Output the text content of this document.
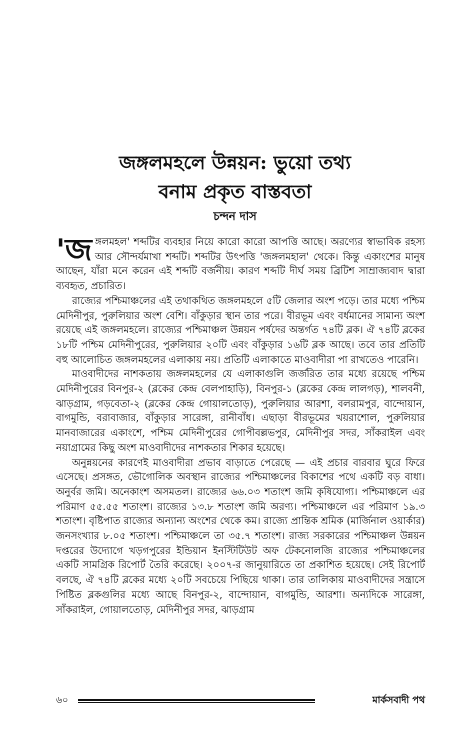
জঙ্গলমহলে উন্নয়ন: ভুয়ো তথ্য
বনাম প্রকৃত বাস্তবতা
চন্দন দাস

'জঙ্গলমহল' শব্দটির ব্যবহার নিয়ে কারো কারো আপত্তি আছে। অরণ্যের স্বাভাবিক রহস্য আর সৌন্দর্যমাখা শব্দটি। শব্দটির উৎপত্তি 'জঙ্গলমহাল' থেকে। কিন্তু একাংশের মানুষ আছেন, যাঁরা মনে করেন এই শব্দটি বর্জনীয়। কারণ শব্দটি দীর্ঘ সময় ব্রিটিশ সাম্রাজ্যবাদ দ্বারা ব্যবহৃত, প্রচারিত।

রাজ্যের পশ্চিমাঞ্চলের এই তথাকথিত জঙ্গলমহলে ৫টি জেলার অংশ পড়ে। তার মধ্যে পশ্চিম মেদিনীপুর, পুরুলিয়ার অংশ বেশি। বাঁকুড়ার স্থান তার পরে। বীরভূম এবং বর্ধমানের সামান্য অংশ রয়েছে এই জঙ্গলমহলে। রাজ্যের পশ্চিমাঞ্চল উন্নয়ন পর্ষদের অন্তর্গত ৭৪টি ব্লক। ঐ ৭৪টি ব্লকের ১৮টি পশ্চিম মেদিনীপুরের, পুরুলিয়ার ২০টি এবং বাঁকুড়ার ১৬টি ব্লক আছে। তবে তার প্রতিটি বহু আলোচিত জঙ্গলমহলের এলাকায় নয়। প্রতিটি এলাকাতে মাওবাদীরা পা রাখতেও পারেনি।

মাওবাদীদের নাশকতায় জঙ্গলমহলের যে এলাকাগুলি জর্জরিত তার মধ্যে রয়েছে পশ্চিম মেদিনীপুরের বিনপুর-২ (ব্লকের কেন্দ্র বেলপাহাড়ি), বিনপুর-১ (ব্লকের কেন্দ্র লালগড়), শালবনী, ঝাড়গ্রাম, গড়বেতা-২ (ব্লকের কেন্দ্র গোয়ালতোড়), পুরুলিয়ার আরশা, বলরামপুর, বান্দোয়ান, বাগমুন্ডি, বরাবাজার, বাঁকুড়ার সারেঙ্গা, রানীবাঁধ। এছাড়া বীরভূমের খয়রাশোল, পুরুলিয়ার মানবাজারের একাংশে, পশ্চিম মেদিনীপুরের গোপীবল্লভপুর, মেদিনীপুর সদর, সাঁকরাইল এবং নয়াগ্রামের কিছু অংশ মাওবাদীদের নাশকতার শিকার হয়েছে।

অনুন্নয়নের কারণেই মাওবাদীরা প্রভাব বাড়াতে পেরেছে — এই প্রচার বারবার ঘুরে ফিরে এসেছে। প্রসঙ্গত, ভৌগোলিক অবস্থান রাজ্যের পশ্চিমাঞ্চলের বিকাশের পথে একটি বড় বাধা। অনুর্বর জমি। অনেকাংশ অসমতল। রাজ্যের ৬৬.০৩ শতাংশ জমি কৃষিযোগ্য। পশ্চিমাঞ্চলে এর পরিমাণ ৫৫.৫৫ শতাংশ। রাজ্যের ১৩.৮ শতাংশ জমি অরণ্য। পশ্চিমাঞ্চলে এর পরিমাণ ১৯.৩ শতাংশ। বৃষ্টিপাত রাজ্যের অন্যান্য অংশের থেকে কম। রাজ্যে প্রান্তিক শ্রমিক (মার্জিনাল ওয়ার্কার) জনসংখ্যার ৮.০৫ শতাংশ। পশ্চিমাঞ্চলে তা ৩৫.৭ শতাংশ। রাজ্য সরকারের পশ্চিমাঞ্চল উন্নয়ন দপ্তরের উদ্যোগে খড়গপুরের ইন্ডিয়ান ইনস্টিটিউট অফ টেকনোলজি রাজ্যের পশ্চিমাঞ্চলের একটি সামগ্রিক রিপোর্ট তৈরি করেছে। ২০০৭-র জানুয়ারিতে তা প্রকাশিত হয়েছে। সেই রিপোর্ট বলছে, ঐ ৭৪টি ব্লকের মধ্যে ২০টি সবচেয়ে পিছিয়ে থাকা। তার তালিকায় মাওবাদীদের সন্ত্রাসে পিষ্টিত ব্লকগুলির মধ্যে আছে বিনপুর-২, বান্দোয়ান, বাগমুন্ডি, আরশা। অন্যদিকে সারেঙ্গা, সাঁকরাইল, গোয়ালতোড়, মেদিনীপুর সদর, ঝাড়গ্রাম

৬০	মার্কসবাদী পথ
